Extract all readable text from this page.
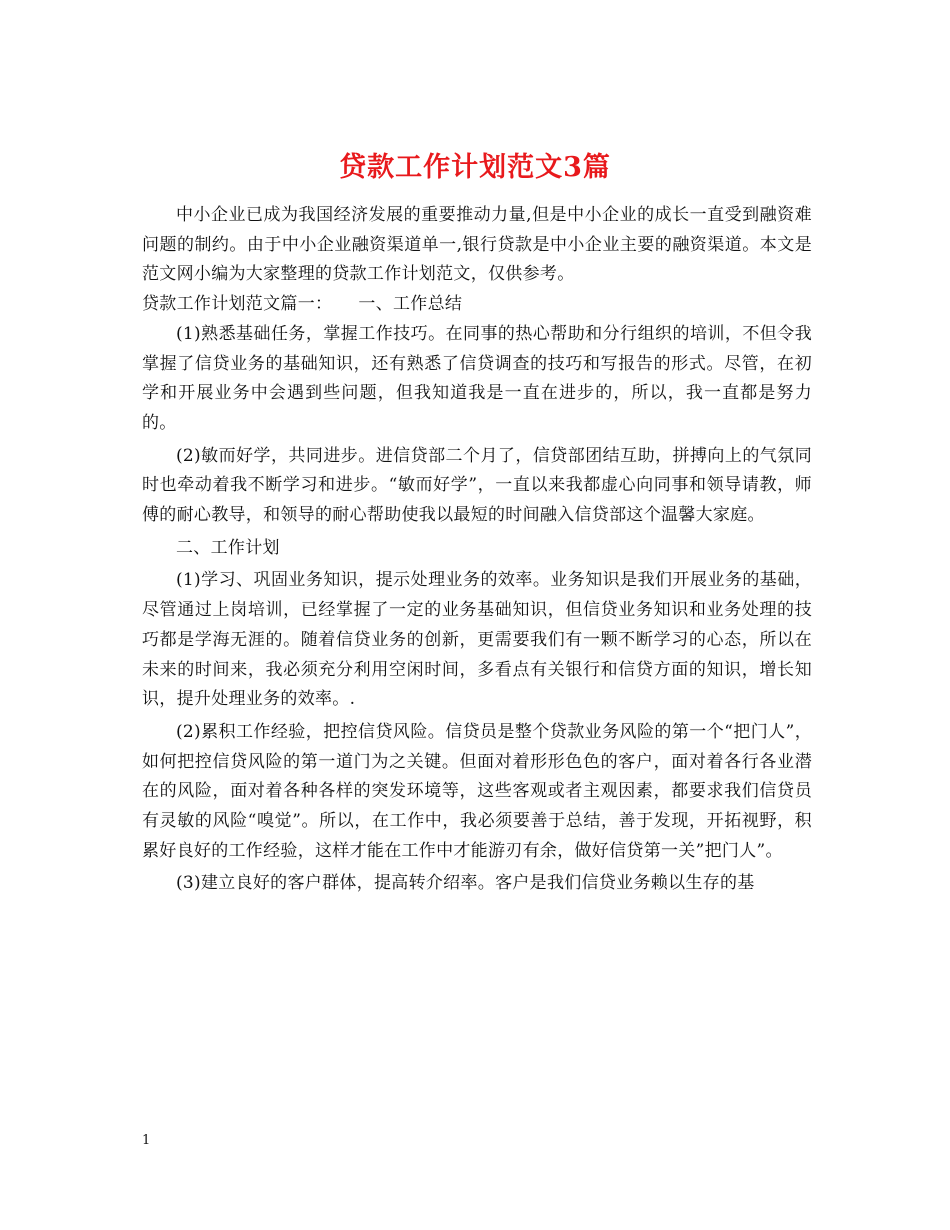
贷款工作计划范文3篇

中小企业已成为我国经济发展的重要推动力量,但是中小企业的成长一直受到融资难问题的制约。由于中小企业融资渠道单一,银行贷款是中小企业主要的融资渠道。本文是范文网小编为大家整理的贷款工作计划范文，仅供参考。

贷款工作计划范文篇一：　　一、工作总结

(1)熟悉基础任务，掌握工作技巧。在同事的热心帮助和分行组织的培训，不但令我掌握了信贷业务的基础知识，还有熟悉了信贷调查的技巧和写报告的形式。尽管，在初学和开展业务中会遇到些问题，但我知道我是一直在进步的，所以，我一直都是努力的。

(2)敏而好学，共同进步。进信贷部二个月了，信贷部团结互助，拼搏向上的气氛同时也牵动着我不断学习和进步。“敏而好学”，一直以来我都虚心向同事和领导请教，师傅的耐心教导，和领导的耐心帮助使我以最短的时间融入信贷部这个温馨大家庭。

二、工作计划

(1)学习、巩固业务知识，提示处理业务的效率。业务知识是我们开展业务的基础，尽管通过上岗培训，已经掌握了一定的业务基础知识，但信贷业务知识和业务处理的技巧都是学海无涯的。随着信贷业务的创新，更需要我们有一颗不断学习的心态，所以在未来的时间来，我必须充分利用空闲时间，多看点有关银行和信贷方面的知识，增长知识，提升处理业务的效率。.

(2)累积工作经验，把控信贷风险。信贷员是整个贷款业务风险的第一个“把门人”，如何把控信贷风险的第一道门为之关键。但面对着形形色色的客户，面对着各行各业潜在的风险，面对着各种各样的突发环境等，这些客观或者主观因素，都要求我们信贷员有灵敏的风险“嗅觉”。所以，在工作中，我必须要善于总结，善于发现，开拓视野，积累好良好的工作经验，这样才能在工作中才能游刃有余，做好信贷第一关”把门人”。

(3)建立良好的客户群体，提高转介绍率。客户是我们信贷业务赖以生存的基

1
